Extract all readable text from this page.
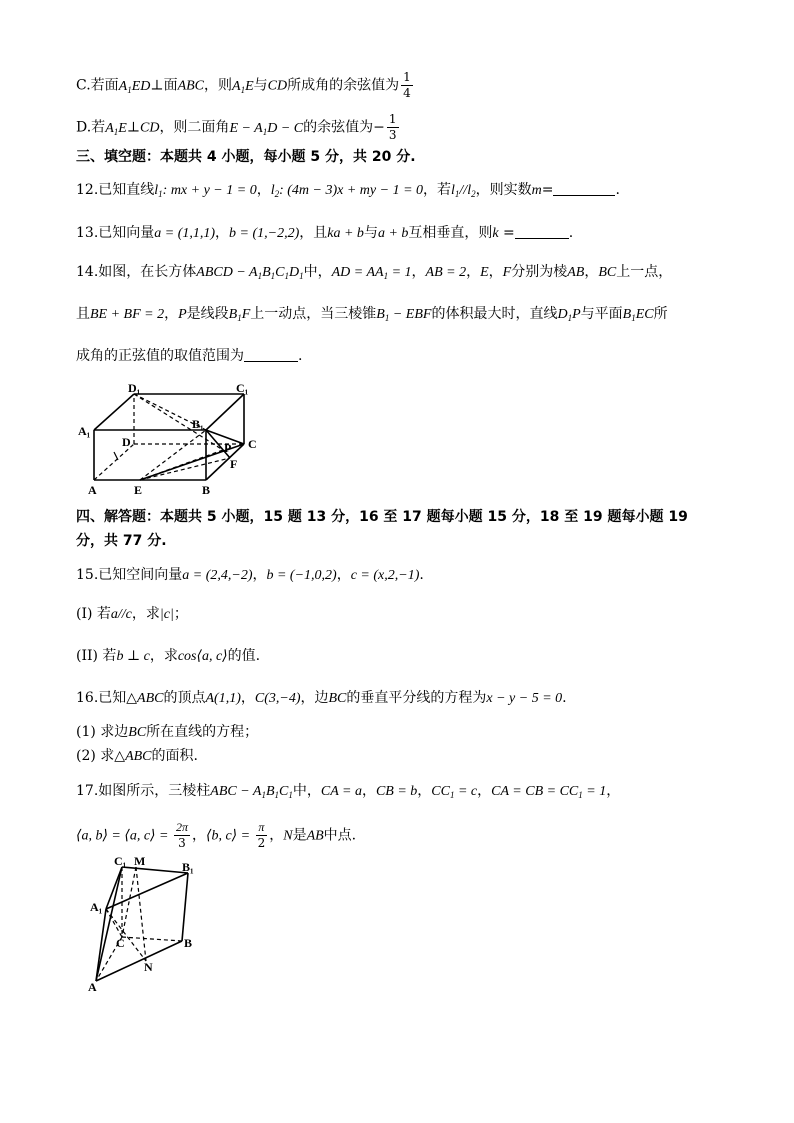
C.若面$A_1ED\perp$面ABC，则$A_1E$与CD所成角的余弦值为 $\frac{1}{4}$
D.若$A_1E\perp CD$，则二面角$E - A_1D - C$的余弦值为− $\frac{1}{3}$
三、填空题：本题共 4 小题，每小题 5 分，共 20 分.
12.已知直线$l_1$: mx + y − 1 = 0，$l_2$: (4m − 3)x + my − 1 = 0，若$l_1//l_2$，则实数m=	.
13.已知向量a = (1,1,1)，b = (1,−2,2)，且ka + b与a + b互相垂直，则k =	.
14.如图，在长方体ABCD − $A_1B_1C_1D_1$中，AD = $AA_1 = 1$，AB = 2，E，F分别为棱AB，BC上一点，
且BE + BF = 2，P是线段$B_1F$上一动点，当三棱锥$B_1$ − EBF的体积最大时，直线$D_1P$与平面$B_1EC$所
成角的正弦值的取值范围为	.
D₁	C₁
A₁	B₁
D	C
P
F
A	E	B
四、解答题：本题共 5 小题，15 题 13 分，16 至 17 题每小题 15 分，18 至 19 题每小题 19
分，共 77 分.
15.已知空间向量a = (2,4,−2)，b = (−1,0,2)，c = (x,2,−1).
(I) 若a//c，求|c|；
(II) 若b ⊥ c，求cos⟨a, c⟩的值.
16.已知△ABC的顶点A(1,1)，C(3,−4)，边BC的垂直平分线的方程为x − y − 5 = 0.
(1) 求边BC所在直线的方程；
(2) 求△ABC的面积.
17.如图所示，三棱柱ABC − $A_1B_1C_1$中，CA = a，CB = b，$CC_1 = c$，CA = CB = $CC_1 = 1$，
⟨a, b⟩ = ⟨a, c⟩ = $\frac{2\pi}{3}$ ，⟨b, c⟩ = $\frac{\pi}{2}$ ，N是AB中点.
C₁ M	B₁
A₁
C	B
N
A
